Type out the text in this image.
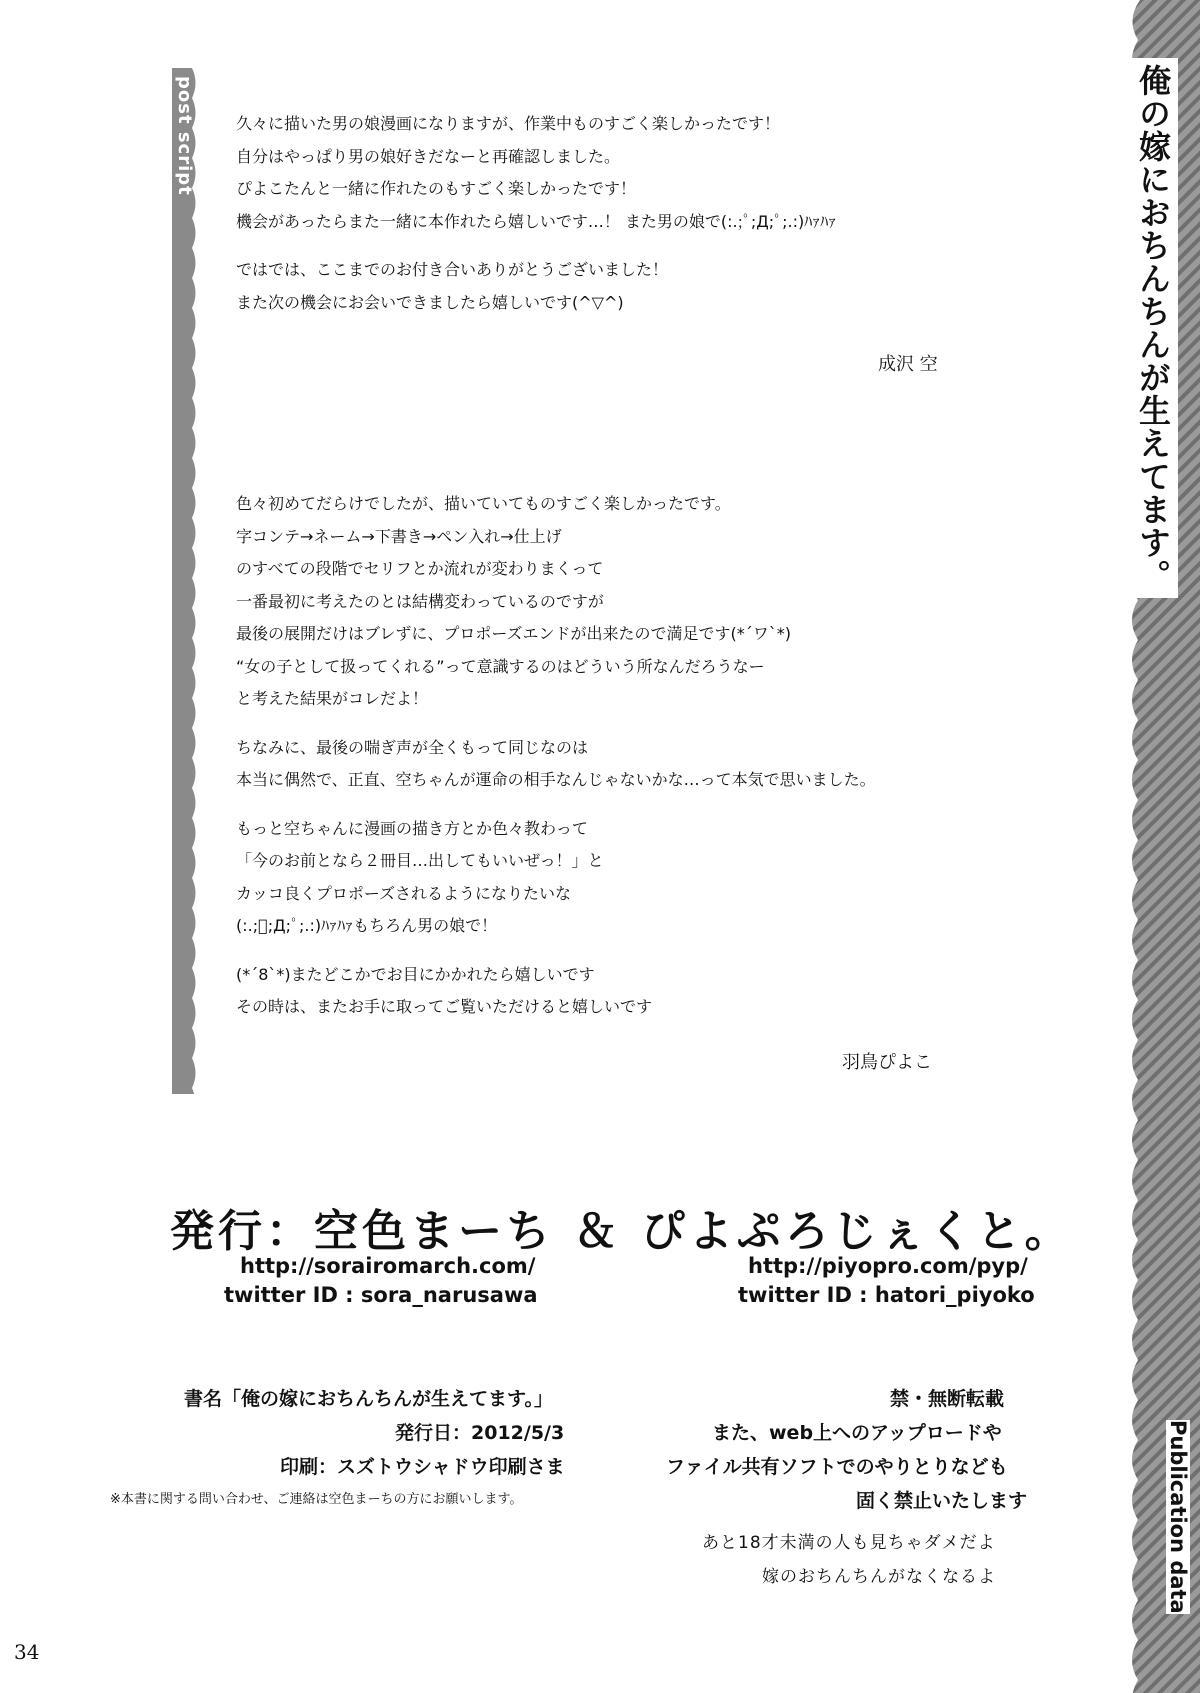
俺の嫁におちんちんが生えてます。
Publication data
post script	久々に描いた男の娘漫画になりますが、作業中ものすごく楽しかったです！
自分はやっぱり男の娘好きだなーと再確認しました。
ぴよこたんと一緒に作れたのもすごく楽しかったです！
機会があったらまた一緒に本作れたら嬉しいです…！ また男の娘で(:.;ﾟ;Д;ﾟ;.:)ﾊｧﾊｧ
ではでは、ここまでのお付き合いありがとうございました！
また次の機会にお会いできましたら嬉しいです(^▽^)
成沢 空
色々初めてだらけでしたが、描いていてものすごく楽しかったです。
字コンテ→ネーム→下書き→ペン入れ→仕上げ
のすべての段階でセリフとか流れが変わりまくって
一番最初に考えたのとは結構変わっているのですが
最後の展開だけはブレずに、プロポーズエンドが出来たので満足です(*´ワ`*)
“女の子として扱ってくれる”って意識するのはどういう所なんだろうなー
と考えた結果がコレだよ！
ちなみに、最後の喘ぎ声が全くもって同じなのは
本当に偶然で、正直、空ちゃんが運命の相手なんじゃないかな…って本気で思いました。
もっと空ちゃんに漫画の描き方とか色々教わって
「今のお前となら２冊目…出してもいいぜっ！」と
カッコ良くプロポーズされるようになりたいな
(:.;ﾟ;Д;ﾟ;.:)ﾊｧﾊｧもちろん男の娘で！
(*´8`*)またどこかでお目にかかれたら嬉しいです
その時は、またお手に取ってご覧いただけると嬉しいです
羽鳥ぴよこ
発行：空色まーち ＆ ぴよぷろじぇくと。
http://sorairomarch.com/
twitter ID : sora_narusawa
http://piyopro.com/pyp/
twitter ID : hatori_piyoko
書名「俺の嫁におちんちんが生えてます。」
発行日：2012/5/3
印刷：スズトウシャドウ印刷さま
※本書に関する問い合わせ、ご連絡は空色まーちの方にお願いします。
禁・無断転載
また、web上へのアップロードや
ファイル共有ソフトでのやりとりなども
固く禁止いたします
あと18才未満の人も見ちゃダメだよ
嫁のおちんちんがなくなるよ
34
